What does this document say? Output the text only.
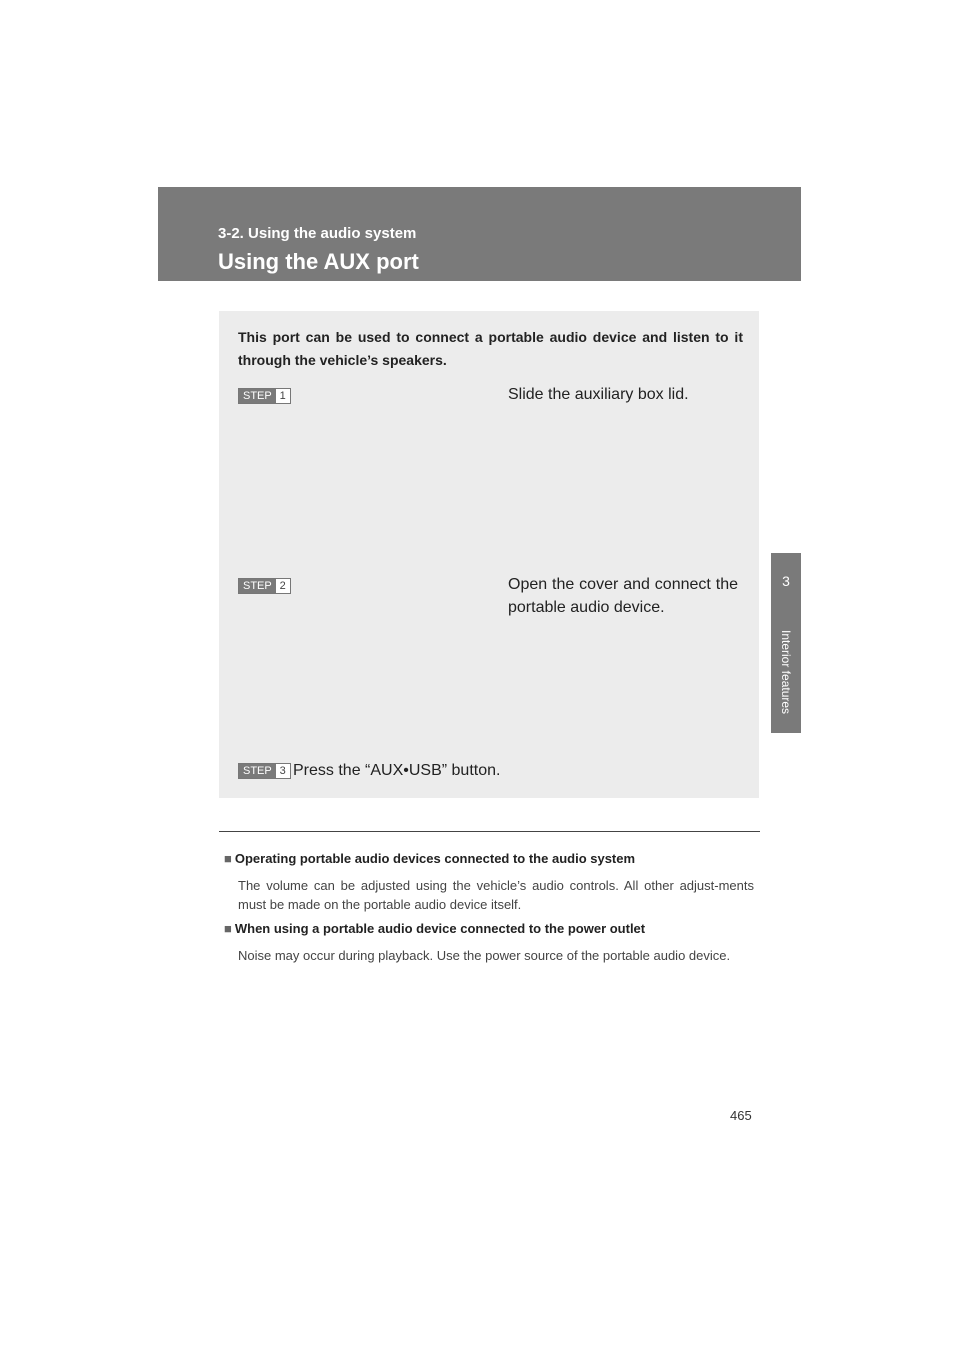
3-2. Using the audio system
Using the AUX port
3
Interior features
This port can be used to connect a portable audio device and listen to it through the vehicle’s speakers.
STEP 1	Slide the auxiliary box lid.
STEP 2	Open the cover and connect the portable audio device.
STEP 3 Press the “AUX•USB” button.
■ Operating portable audio devices connected to the audio system
The volume can be adjusted using the vehicle’s audio controls. All other adjust-ments must be made on the portable audio device itself.
■ When using a portable audio device connected to the power outlet
Noise may occur during playback. Use the power source of the portable audio device.
465
